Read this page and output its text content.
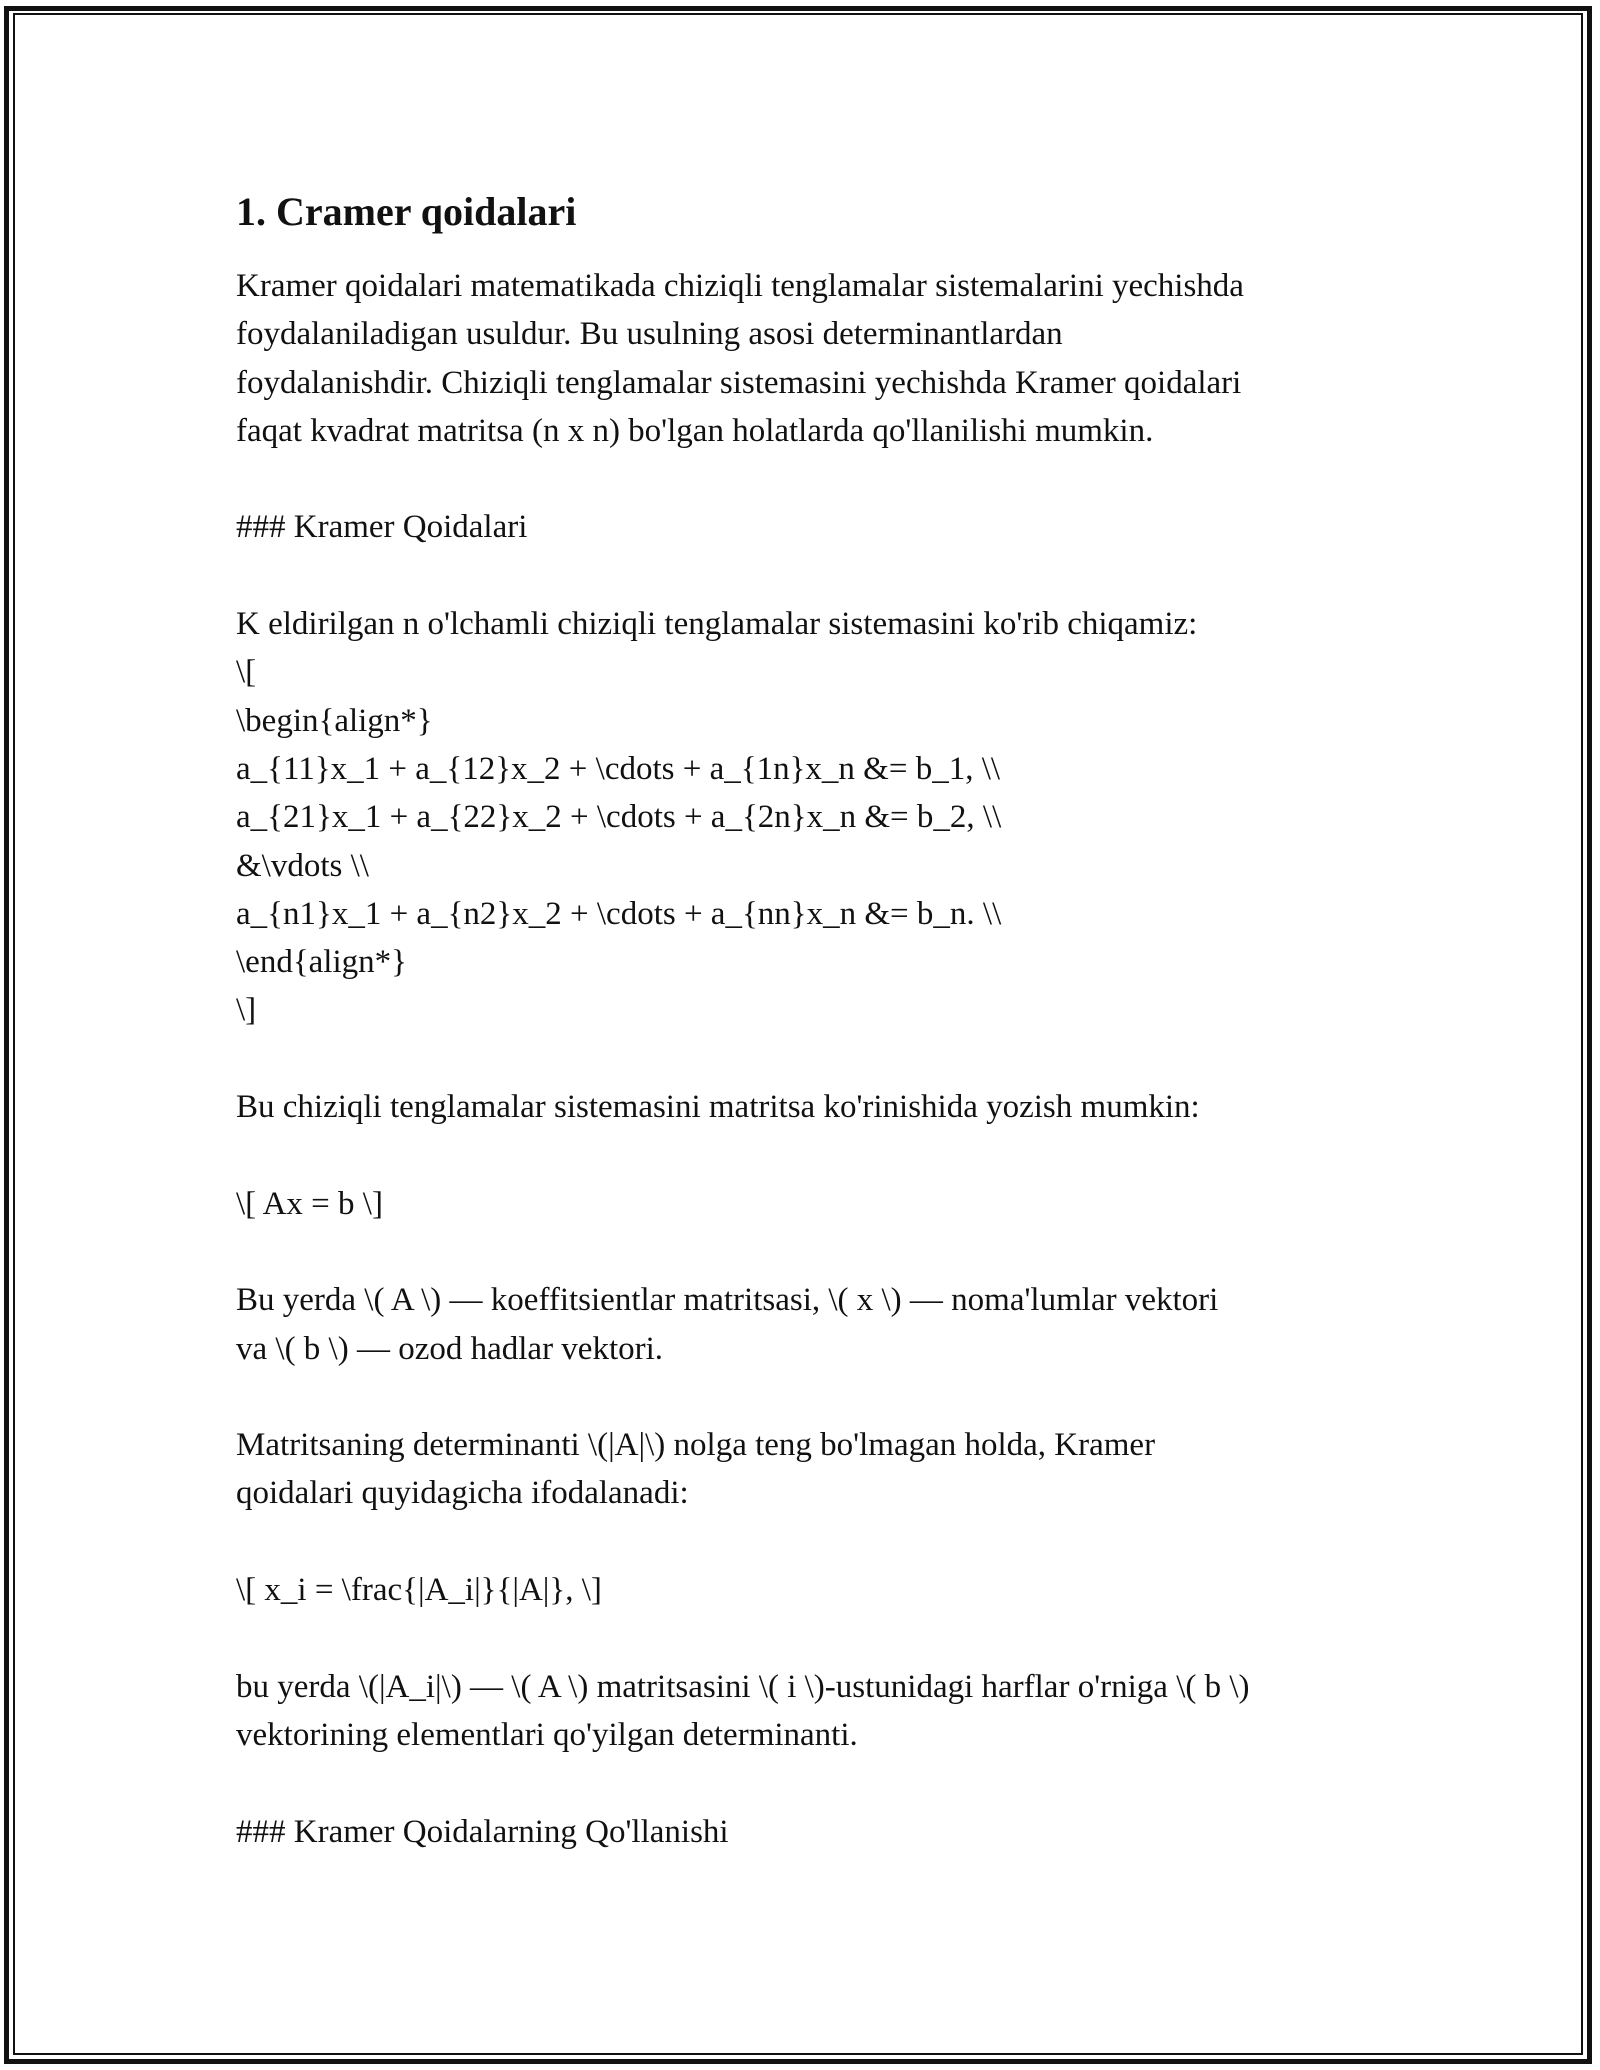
1. Cramer qoidalari

Kramer qoidalari matematikada chiziqli tenglamalar sistemalarini yechishda

foydalaniladigan usuldur. Bu usulning asosi determinantlardan

foydalanishdir. Chiziqli tenglamalar sistemasini yechishda Kramer qoidalari

faqat kvadrat matritsa (n x n) bo'lgan holatlarda qo'llanilishi mumkin.

### Kramer Qoidalari

K eldirilgan n o'lchamli chiziqli tenglamalar sistemasini ko'rib chiqamiz:

\[

\begin{align*}

a_{11}x_1 + a_{12}x_2 + \cdots + a_{1n}x_n &= b_1, \\

a_{21}x_1 + a_{22}x_2 + \cdots + a_{2n}x_n &= b_2, \\

&\vdots \\

a_{n1}x_1 + a_{n2}x_2 + \cdots + a_{nn}x_n &= b_n. \\

\end{align*}

\]

Bu chiziqli tenglamalar sistemasini matritsa ko'rinishida yozish mumkin:

\[ Ax = b \]

Bu yerda \( A \) — koeffitsientlar matritsasi, \( x \) — noma'lumlar vektori

va \( b \) — ozod hadlar vektori.

Matritsaning determinanti \(|A|\) nolga teng bo'lmagan holda, Kramer

qoidalari quyidagicha ifodalanadi:

\[ x_i = \frac{|A_i|}{|A|}, \]

bu yerda \(|A_i|\) — \( A \) matritsasini \( i \)-ustunidagi harflar o'rniga \( b \)

vektorining elementlari qo'yilgan determinanti.

### Kramer Qoidalarning Qo'llanishi
